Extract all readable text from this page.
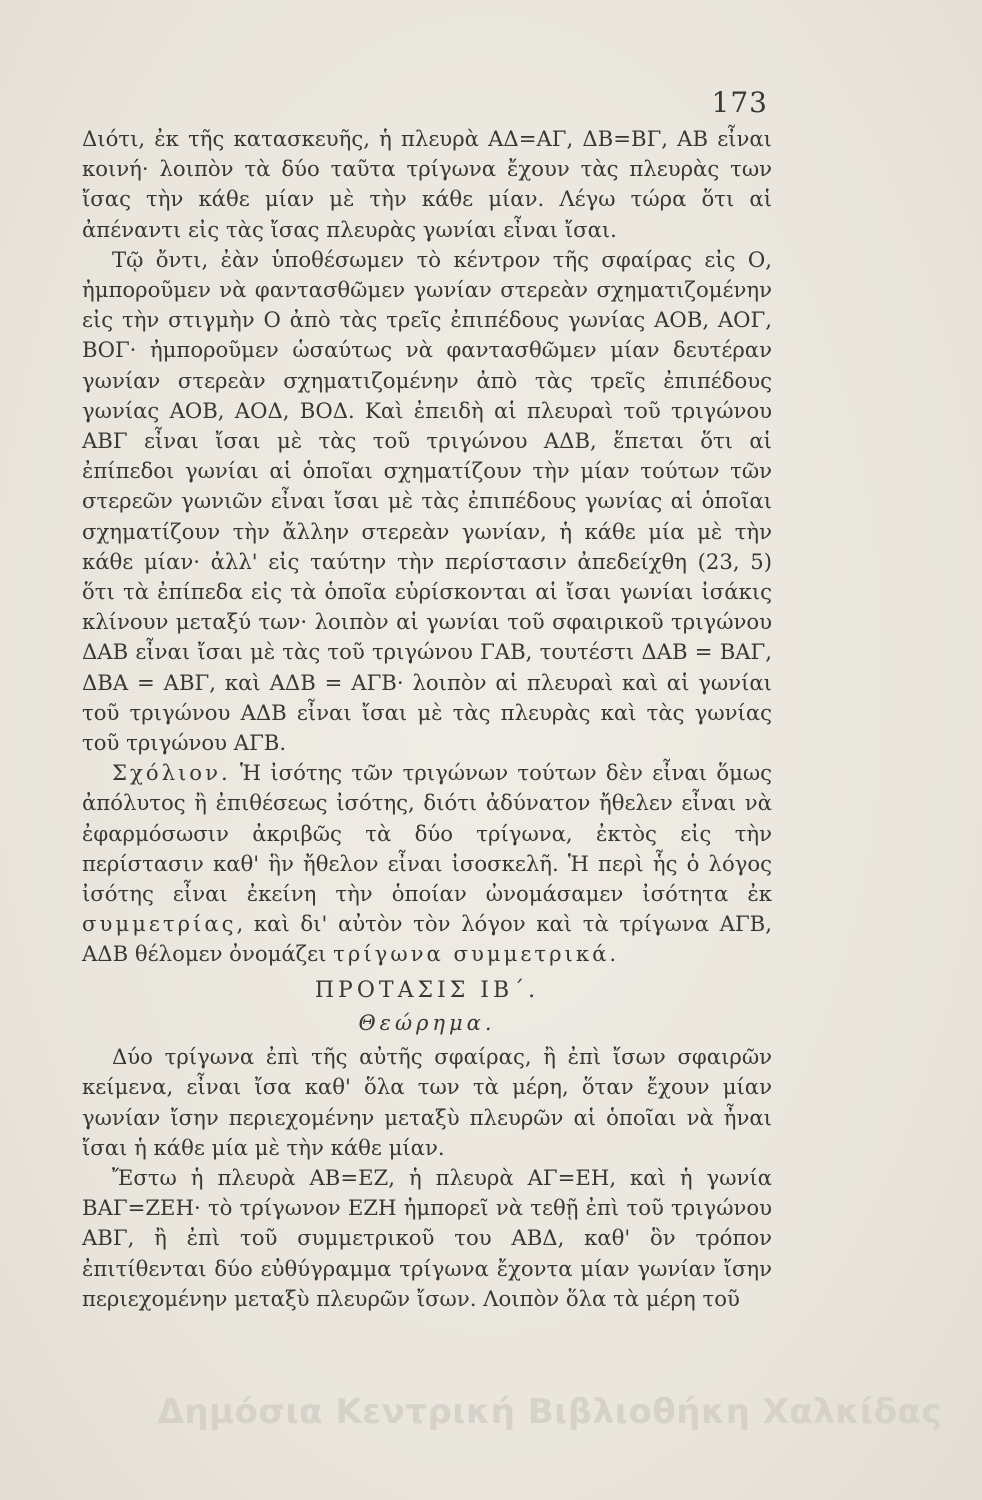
173

Διότι, ἐκ τῆς κατασκευῆς, ἡ πλευρὰ ΑΔ=ΑΓ, ΔΒ=ΒΓ, ΑΒ εἶναι κοινή· λοιπὸν τὰ δύο ταῦτα τρίγωνα ἔχουν τὰς πλευρὰς των ἴσας τὴν κάθε μίαν μὲ τὴν κάθε μίαν. Λέγω τώρα ὅτι αἱ ἀπέναντι εἰς τὰς ἴσας πλευρὰς γωνίαι εἶναι ἴσαι.

Τῷ ὄντι, ἐὰν ὑποθέσωμεν τὸ κέντρον τῆς σφαίρας εἰς Ο, ἠμποροῦμεν νὰ φαντασθῶμεν γωνίαν στερεὰν σχηματιζομένην εἰς τὴν στιγμὴν Ο ἀπὸ τὰς τρεῖς ἐπιπέδους γωνίας ΑΟΒ, ΑΟΓ, ΒΟΓ· ἠμποροῦμεν ὡσαύτως νὰ φαντασθῶμεν μίαν δευτέραν γωνίαν στερεὰν σχηματιζομένην ἀπὸ τὰς τρεῖς ἐπιπέδους γωνίας ΑΟΒ, ΑΟΔ, ΒΟΔ. Καὶ ἐπειδὴ αἱ πλευραὶ τοῦ τριγώνου ΑΒΓ εἶναι ἴσαι μὲ τὰς τοῦ τριγώνου ΑΔΒ, ἕπεται ὅτι αἱ ἐπίπεδοι γωνίαι αἱ ὁποῖαι σχηματίζουν τὴν μίαν τούτων τῶν στερεῶν γωνιῶν εἶναι ἴσαι μὲ τὰς ἐπιπέδους γωνίας αἱ ὁποῖαι σχηματίζουν τὴν ἄλλην στερεὰν γωνίαν, ἡ κάθε μία μὲ τὴν κάθε μίαν· ἀλλ' εἰς ταύτην τὴν περίστασιν ἀπεδείχθη (23, 5) ὅτι τὰ ἐπίπεδα εἰς τὰ ὁποῖα εὑρίσκονται αἱ ἴσαι γωνίαι ἰσάκις κλίνουν μεταξύ των· λοιπὸν αἱ γωνίαι τοῦ σφαιρικοῦ τριγώνου ΔΑΒ εἶναι ἴσαι μὲ τὰς τοῦ τριγώνου ΓΑΒ, τουτέστι ΔΑΒ = ΒΑΓ, ΔΒΑ = ΑΒΓ, καὶ ΑΔΒ = ΑΓΒ· λοιπὸν αἱ πλευραὶ καὶ αἱ γωνίαι τοῦ τριγώνου ΑΔΒ εἶναι ἴσαι μὲ τὰς πλευρὰς καὶ τὰς γωνίας τοῦ τριγώνου ΑΓΒ.

Σχόλιον. Ἡ ἰσότης τῶν τριγώνων τούτων δὲν εἶναι ὅμως ἀπόλυτος ἢ ἐπιθέσεως ἰσότης, διότι ἀδύνατον ἤθελεν εἶναι νὰ ἐφαρμόσωσιν ἀκριβῶς τὰ δύο τρίγωνα, ἐκτὸς εἰς τὴν περίστασιν καθ' ἣν ἤθελον εἶναι ἰσοσκελῆ. Ἡ περὶ ἧς ὁ λόγος ἰσότης εἶναι ἐκείνη τὴν ὁποίαν ὠνομάσαμεν ἰσότητα ἐκ συμμετρίας, καὶ δι' αὐτὸν τὸν λόγον καὶ τὰ τρίγωνα ΑΓΒ, ΑΔΒ θέλομεν ὀνομάζει τρίγωνα συμμετρικά.

ΠΡΟΤΑΣΙΣ ΙΒ΄.

Θεώρημα.

Δύο τρίγωνα ἐπὶ τῆς αὐτῆς σφαίρας, ἢ ἐπὶ ἴσων σφαιρῶν κείμενα, εἶναι ἴσα καθ' ὅλα των τὰ μέρη, ὅταν ἔχουν μίαν γωνίαν ἴσην περιεχομένην μεταξὺ πλευρῶν αἱ ὁποῖαι νὰ ἦναι ἴσαι ἡ κάθε μία μὲ τὴν κάθε μίαν.

Ἔστω ἡ πλευρὰ ΑΒ=ΕΖ, ἡ πλευρὰ ΑΓ=ΕΗ, καὶ ἡ γωνία ΒΑΓ=ΖΕΗ· τὸ τρίγωνον ΕΖΗ ἠμπορεῖ νὰ τεθῇ ἐπὶ τοῦ τριγώνου ΑΒΓ, ἢ ἐπὶ τοῦ συμμετρικοῦ του ΑΒΔ, καθ' ὃν τρόπον ἐπιτίθενται δύο εὐθύγραμμα τρίγωνα ἔχοντα μίαν γωνίαν ἴσην περιεχομένην μεταξὺ πλευρῶν ἴσων. Λοιπὸν ὅλα τὰ μέρη τοῦ

Δημόσια Κεντρική Βιβλιοθήκη Χαλκίδας
